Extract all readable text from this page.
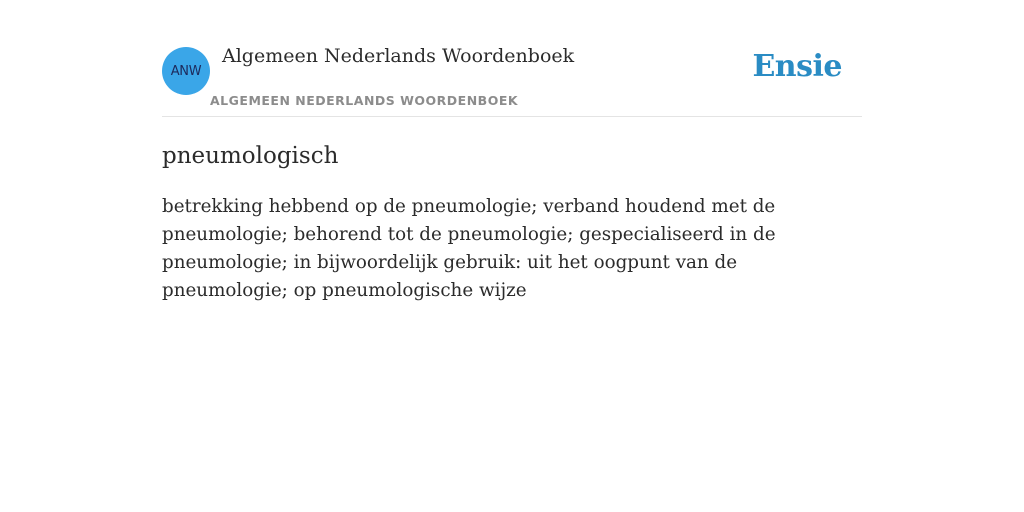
ANW
Algemeen Nederlands Woordenboek
ALGEMEEN NEDERLANDS WOORDENBOEK
Ensie
pneumologisch

betrekking hebbend op de pneumologie; verband houdend met de pneumologie; behorend tot de pneumologie; gespecialiseerd in de pneumologie; in bijwoordelijk gebruik: uit het oogpunt van de pneumologie; op pneumologische wijze
